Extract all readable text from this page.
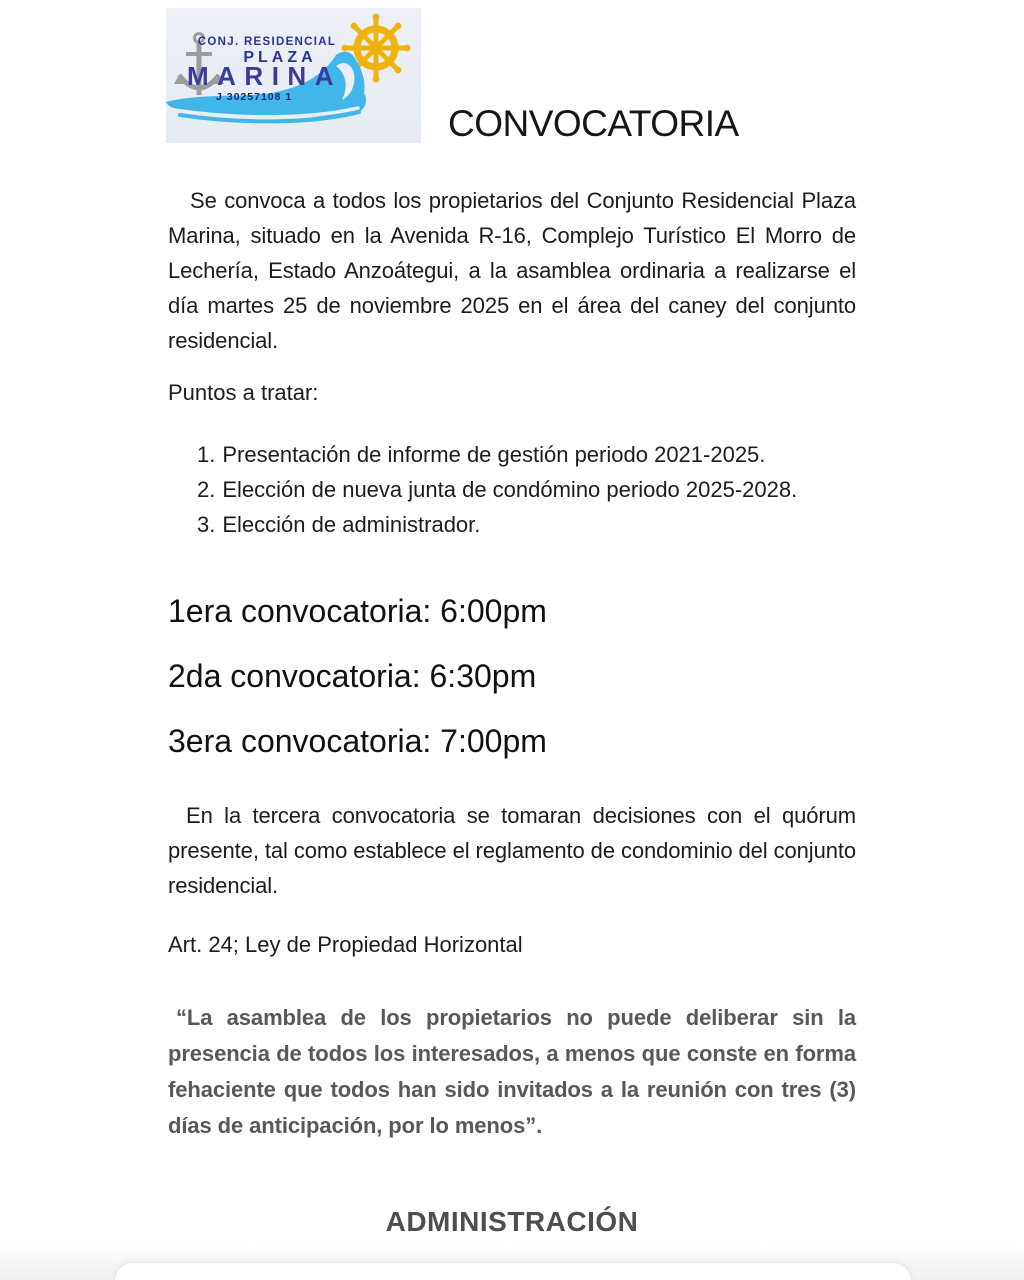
CONJ. RESIDENCIAL
PLAZA
MARINA
J 30257108 1
CONVOCATORIA
Se convoca a todos los propietarios del Conjunto Residencial Plaza Marina, situado en la Avenida R-16, Complejo Turístico El Morro de Lechería, Estado Anzoátegui, a la asamblea ordinaria a realizarse el día martes 25 de noviembre 2025 en el área del caney del conjunto residencial.
Puntos a tratar:
1. Presentación de informe de gestión periodo 2021-2025.
2. Elección de nueva junta de condómino periodo 2025-2028.
3. Elección de administrador.
1era convocatoria: 6:00pm
2da convocatoria: 6:30pm
3era convocatoria: 7:00pm
En la tercera convocatoria se tomaran decisiones con el quórum presente, tal como establece el reglamento de condominio del conjunto residencial.
Art. 24; Ley de Propiedad Horizontal
“La asamblea de los propietarios no puede deliberar sin la presencia de todos los interesados, a menos que conste en forma fehaciente que todos han sido invitados a la reunión con tres (3) días de anticipación, por lo menos”.
ADMINISTRACIÓN
